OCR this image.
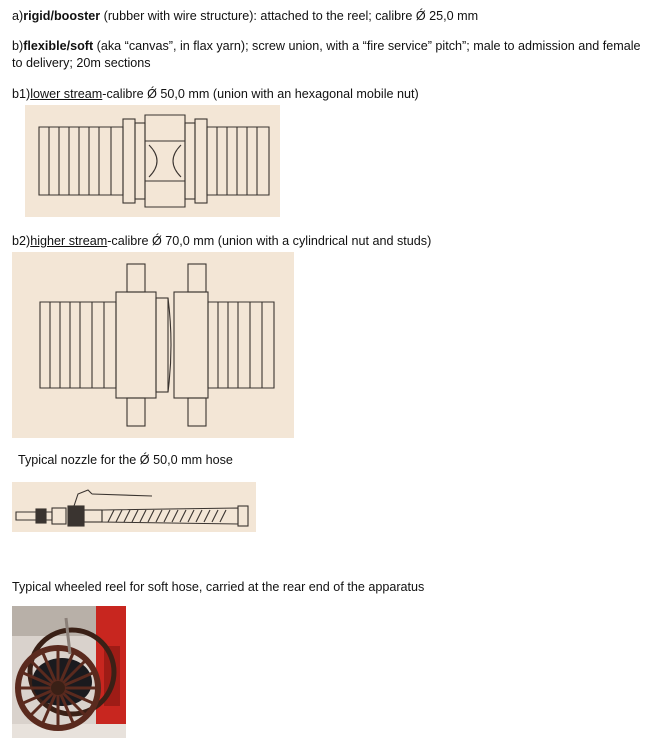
a)rigid/booster (rubber with wire structure): attached to the reel; calibre Ǿ 25,0 mm
b)flexible/soft (aka “canvas”, in flax yarn); screw union, with a “fire service” pitch”; male to admission and female to delivery; 20m sections
b1)lower stream-calibre Ǿ 50,0 mm (union with an hexagonal mobile nut)
b2)higher stream-calibre Ǿ 70,0 mm (union with a cylindrical nut and studs)
Typical nozzle for the Ǿ 50,0 mm hose
Typical wheeled reel for soft hose, carried at the rear end of the apparatus
